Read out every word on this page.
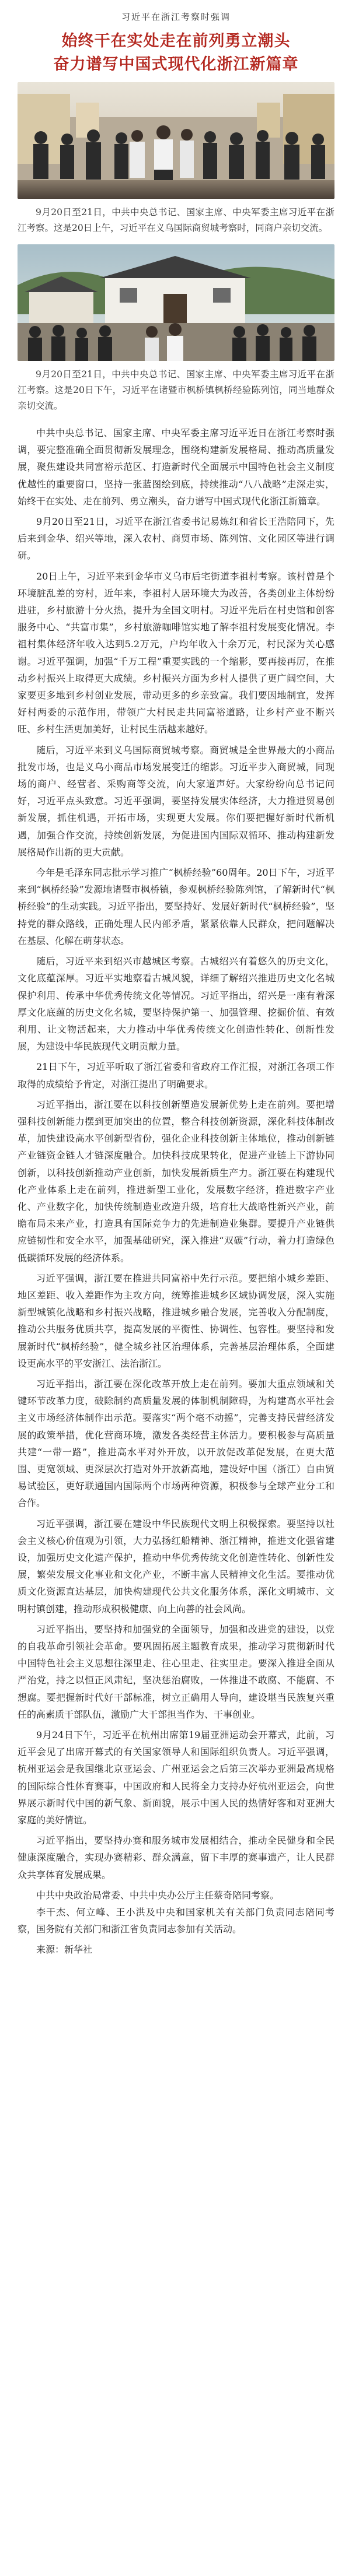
习近平在浙江考察时强调
始终干在实处走在前列勇立潮头
奋力谱写中国式现代化浙江新篇章
9月20日至21日，中共中央总书记、国家主席、中央军委主席习近平在浙江考察。这是20日上午，习近平在义乌国际商贸城考察时，同商户亲切交流。
9月20日至21日，中共中央总书记、国家主席、中央军委主席习近平在浙江考察。这是20日下午，习近平在诸暨市枫桥镇枫桥经验陈列馆，同当地群众亲切交流。

中共中央总书记、国家主席、中央军委主席习近平近日在浙江考察时强调，要完整准确全面贯彻新发展理念，围绕构建新发展格局、推动高质量发展，聚焦建设共同富裕示范区、打造新时代全面展示中国特色社会主义制度优越性的重要窗口，坚持一张蓝图绘到底，持续推动“八八战略”走深走实，始终干在实处、走在前列、勇立潮头，奋力谱写中国式现代化浙江新篇章。

9月20日至21日，习近平在浙江省委书记易炼红和省长王浩陪同下，先后来到金华、绍兴等地，深入农村、商贸市场、陈列馆、文化园区等进行调研。

20日上午，习近平来到金华市义乌市后宅街道李祖村考察。该村曾是个环境脏乱差的穷村，近年来，李祖村人居环境大为改善，各类创业主体纷纷进驻，乡村旅游十分火热，提升为全国文明村。习近平先后在村史馆和创客服务中心、“共富市集”，乡村旅游咖啡馆实地了解李祖村发展变化情况。李祖村集体经济年收入达到5.2万元，户均年收入十余万元，村民深为关心感谢。习近平强调，加强“千万工程”重要实践的一个缩影，要再接再厉，在推动乡村振兴上取得更大成绩。乡村振兴方面为乡村人提供了更广阔空间，大家要更多地到乡村创业发展，带动更多的乡亲致富。我们要因地制宜，发挥好村两委的示范作用，带领广大村民走共同富裕道路，让乡村产业不断兴旺、乡村生活更加美好，让村民生活越来越好。

随后，习近平来到义乌国际商贸城考察。商贸城是全世界最大的小商品批发市场，也是义乌小商品市场发展变迁的缩影。习近平步入商贸城，同现场的商户、经营者、采购商等交流，向大家道声好。大家纷纷向总书记问好，习近平点头致意。习近平强调，要坚持发展实体经济，大力推进贸易创新发展，抓住机遇，开拓市场，实现更大发展。你们要把握好新时代新机遇，加强合作交流，持续创新发展，为促进国内国际双循环、推动构建新发展格局作出新的更大贡献。

今年是毛泽东同志批示学习推广“枫桥经验”60周年。20日下午，习近平来到“枫桥经验”发源地诸暨市枫桥镇，参观枫桥经验陈列馆，了解新时代“枫桥经验”的生动实践。习近平指出，要坚持好、发展好新时代“枫桥经验”，坚持党的群众路线，正确处理人民内部矛盾，紧紧依靠人民群众，把问题解决在基层、化解在萌芽状态。

随后，习近平来到绍兴市越城区考察。古城绍兴有着悠久的历史文化，文化底蕴深厚。习近平实地察看古城风貌，详细了解绍兴推进历史文化名城保护利用、传承中华优秀传统文化等情况。习近平指出，绍兴是一座有着深厚文化底蕴的历史文化名城，要坚持保护第一、加强管理、挖掘价值、有效利用、让文物活起来，大力推动中华优秀传统文化创造性转化、创新性发展，为建设中华民族现代文明贡献力量。

21日下午，习近平听取了浙江省委和省政府工作汇报，对浙江各项工作取得的成绩给予肯定，对浙江提出了明确要求。

习近平指出，浙江要在以科技创新塑造发展新优势上走在前列。要把增强科技创新能力摆到更加突出的位置，整合科技创新资源，深化科技体制改革，加快建设高水平创新型省份，强化企业科技创新主体地位，推动创新链产业链资金链人才链深度融合。加快科技成果转化，促进产业链上下游协同创新，以科技创新推动产业创新，加快发展新质生产力。浙江要在构建现代化产业体系上走在前列，推进新型工业化，发展数字经济，推进数字产业化、产业数字化，加快传统制造业改造升级，培育壮大战略性新兴产业，前瞻布局未来产业，打造具有国际竞争力的先进制造业集群。要提升产业链供应链韧性和安全水平，加强基础研究，深入推进“双碳”行动，着力打造绿色低碳循环发展的经济体系。

习近平强调，浙江要在推进共同富裕中先行示范。要把缩小城乡差距、地区差距、收入差距作为主攻方向，统筹推进城乡区域协调发展，深入实施新型城镇化战略和乡村振兴战略，推进城乡融合发展，完善收入分配制度，推动公共服务优质共享，提高发展的平衡性、协调性、包容性。要坚持和发展新时代“枫桥经验”，健全城乡社区治理体系，完善基层治理体系，全面建设更高水平的平安浙江、法治浙江。

习近平指出，浙江要在深化改革开放上走在前列。要加大重点领域和关键环节改革力度，破除制约高质量发展的体制机制障碍，为构建高水平社会主义市场经济体制作出示范。要落实“两个毫不动摇”，完善支持民营经济发展的政策举措，优化营商环境，激发各类经营主体活力。要积极参与高质量共建“一带一路”，推进高水平对外开放，以开放促改革促发展，在更大范围、更宽领域、更深层次打造对外开放新高地，建设好中国（浙江）自由贸易试验区，更好联通国内国际两个市场两种资源，积极参与全球产业分工和合作。

习近平强调，浙江要在建设中华民族现代文明上积极探索。要坚持以社会主义核心价值观为引领，大力弘扬红船精神、浙江精神，推进文化强省建设，加强历史文化遗产保护，推动中华优秀传统文化创造性转化、创新性发展，繁荣发展文化事业和文化产业，不断丰富人民精神文化生活。要推动优质文化资源直达基层，加快构建现代公共文化服务体系，深化文明城市、文明村镇创建，推动形成积极健康、向上向善的社会风尚。

习近平指出，要坚持和加强党的全面领导，加强和改进党的建设，以党的自我革命引领社会革命。要巩固拓展主题教育成果，推动学习贯彻新时代中国特色社会主义思想往深里走、往心里走、往实里走。要深入推进全面从严治党，持之以恒正风肃纪，坚决惩治腐败，一体推进不敢腐、不能腐、不想腐。要把握新时代好干部标准，树立正确用人导向，建设堪当民族复兴重任的高素质干部队伍，激励广大干部担当作为、干事创业。

9月24日下午，习近平在杭州出席第19届亚洲运动会开幕式，此前，习近平会见了出席开幕式的有关国家领导人和国际组织负责人。习近平强调，杭州亚运会是我国继北京亚运会、广州亚运会之后第三次举办亚洲最高规格的国际综合性体育赛事，中国政府和人民将全力支持办好杭州亚运会，向世界展示新时代中国的新气象、新面貌，展示中国人民的热情好客和对亚洲大家庭的美好情谊。

习近平指出，要坚持办赛和服务城市发展相结合，推动全民健身和全民健康深度融合，实现办赛精彩、群众满意，留下丰厚的赛事遗产，让人民群众共享体育发展成果。

中共中央政治局常委、中共中央办公厅主任蔡奇陪同考察。

李干杰、何立峰、王小洪及中央和国家机关有关部门负责同志陪同考察，国务院有关部门和浙江省负责同志参加有关活动。

来源：新华社
